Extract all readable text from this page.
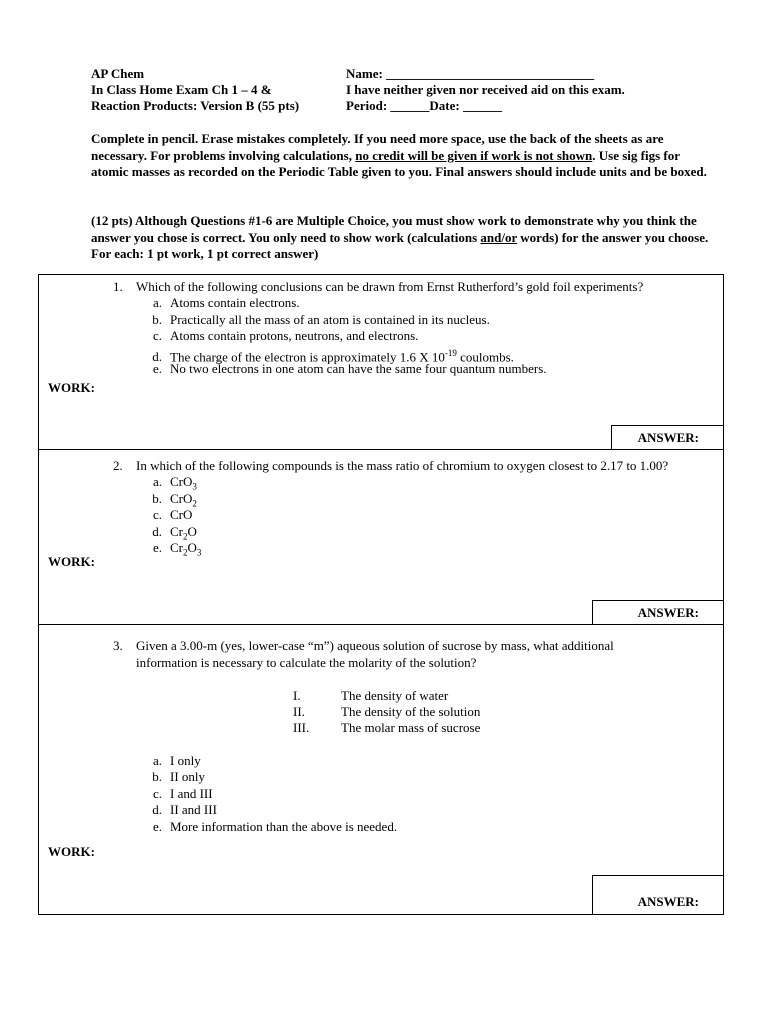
AP Chem
In Class Home Exam Ch 1 – 4 &
Reaction Products: Version B (55 pts)
Name: ________________________________
I have neither given nor received aid on this exam.
Period: ______Date: ______
Complete in pencil. Erase mistakes completely. If you need more space, use the back of the sheets as are necessary. For problems involving calculations, no credit will be given if work is not shown. Use sig figs for atomic masses as recorded on the Periodic Table given to you. Final answers should include units and be boxed.
(12 pts) Although Questions #1-6 are Multiple Choice, you must show work to demonstrate why you think the answer you chose is correct. You only need to show work (calculations and/or words) for the answer you choose. For each: 1 pt work, 1 pt correct answer)
1. Which of the following conclusions can be drawn from Ernst Rutherford’s gold foil experiments?
a. Atoms contain electrons.
b. Practically all the mass of an atom is contained in its nucleus.
c. Atoms contain protons, neutrons, and electrons.
d. The charge of the electron is approximately 1.6 X $10^{-19}$ coulombs.
e. No two electrons in one atom can have the same four quantum numbers.
WORK:
ANSWER:
2. In which of the following compounds is the mass ratio of chromium to oxygen closest to 2.17 to 1.00?
a. CrO$_3$
b. CrO$_2$
c. CrO
d. $Cr_2O$
e. $Cr_2O_3$
WORK:
ANSWER:
3. Given a 3.00-m (yes, lower-case “m”) aqueous solution of sucrose by mass, what additional information is necessary to calculate the molarity of the solution?
I.	The density of water
II.	The density of the solution
III. The molar mass of sucrose
a. I only
b. II only
c. I and III
d. II and III
e. More information than the above is needed.
WORK:
ANSWER:
